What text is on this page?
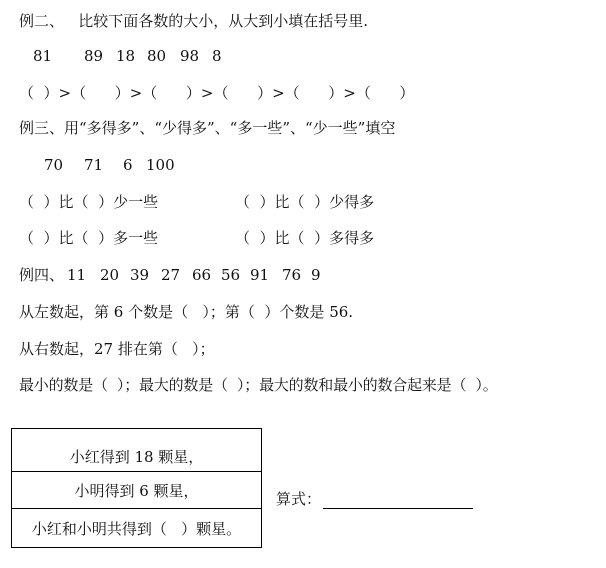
例二、   比较下面各数的大小，从大到小填在括号里.
81	89 18 80 98 8
（  ）>（      ）>（      ）>（      ）>（      ）>（      ）
例三、用“多得多”、“少得多”、“多一些”、“少一些”填空
70	71	6 100
（  ）比（  ）少一些	（  ）比（  ）少得多
（  ）比（  ）多一些	（  ）比（  ）多得多
例四、 11 20 39 27 66 56 91 76 9
从左数起，第 6 个数是（   ）；第（  ）个数是 56.
从右数起，27 排在第（   ）；
最小的数是（  ）；最大的数是（  ）；最大的数和最小的数合起来是（  ）。
小红得到 18 颗星，
小明得到 6 颗星，
小红和小明共得到（   ）颗星。
算式：
